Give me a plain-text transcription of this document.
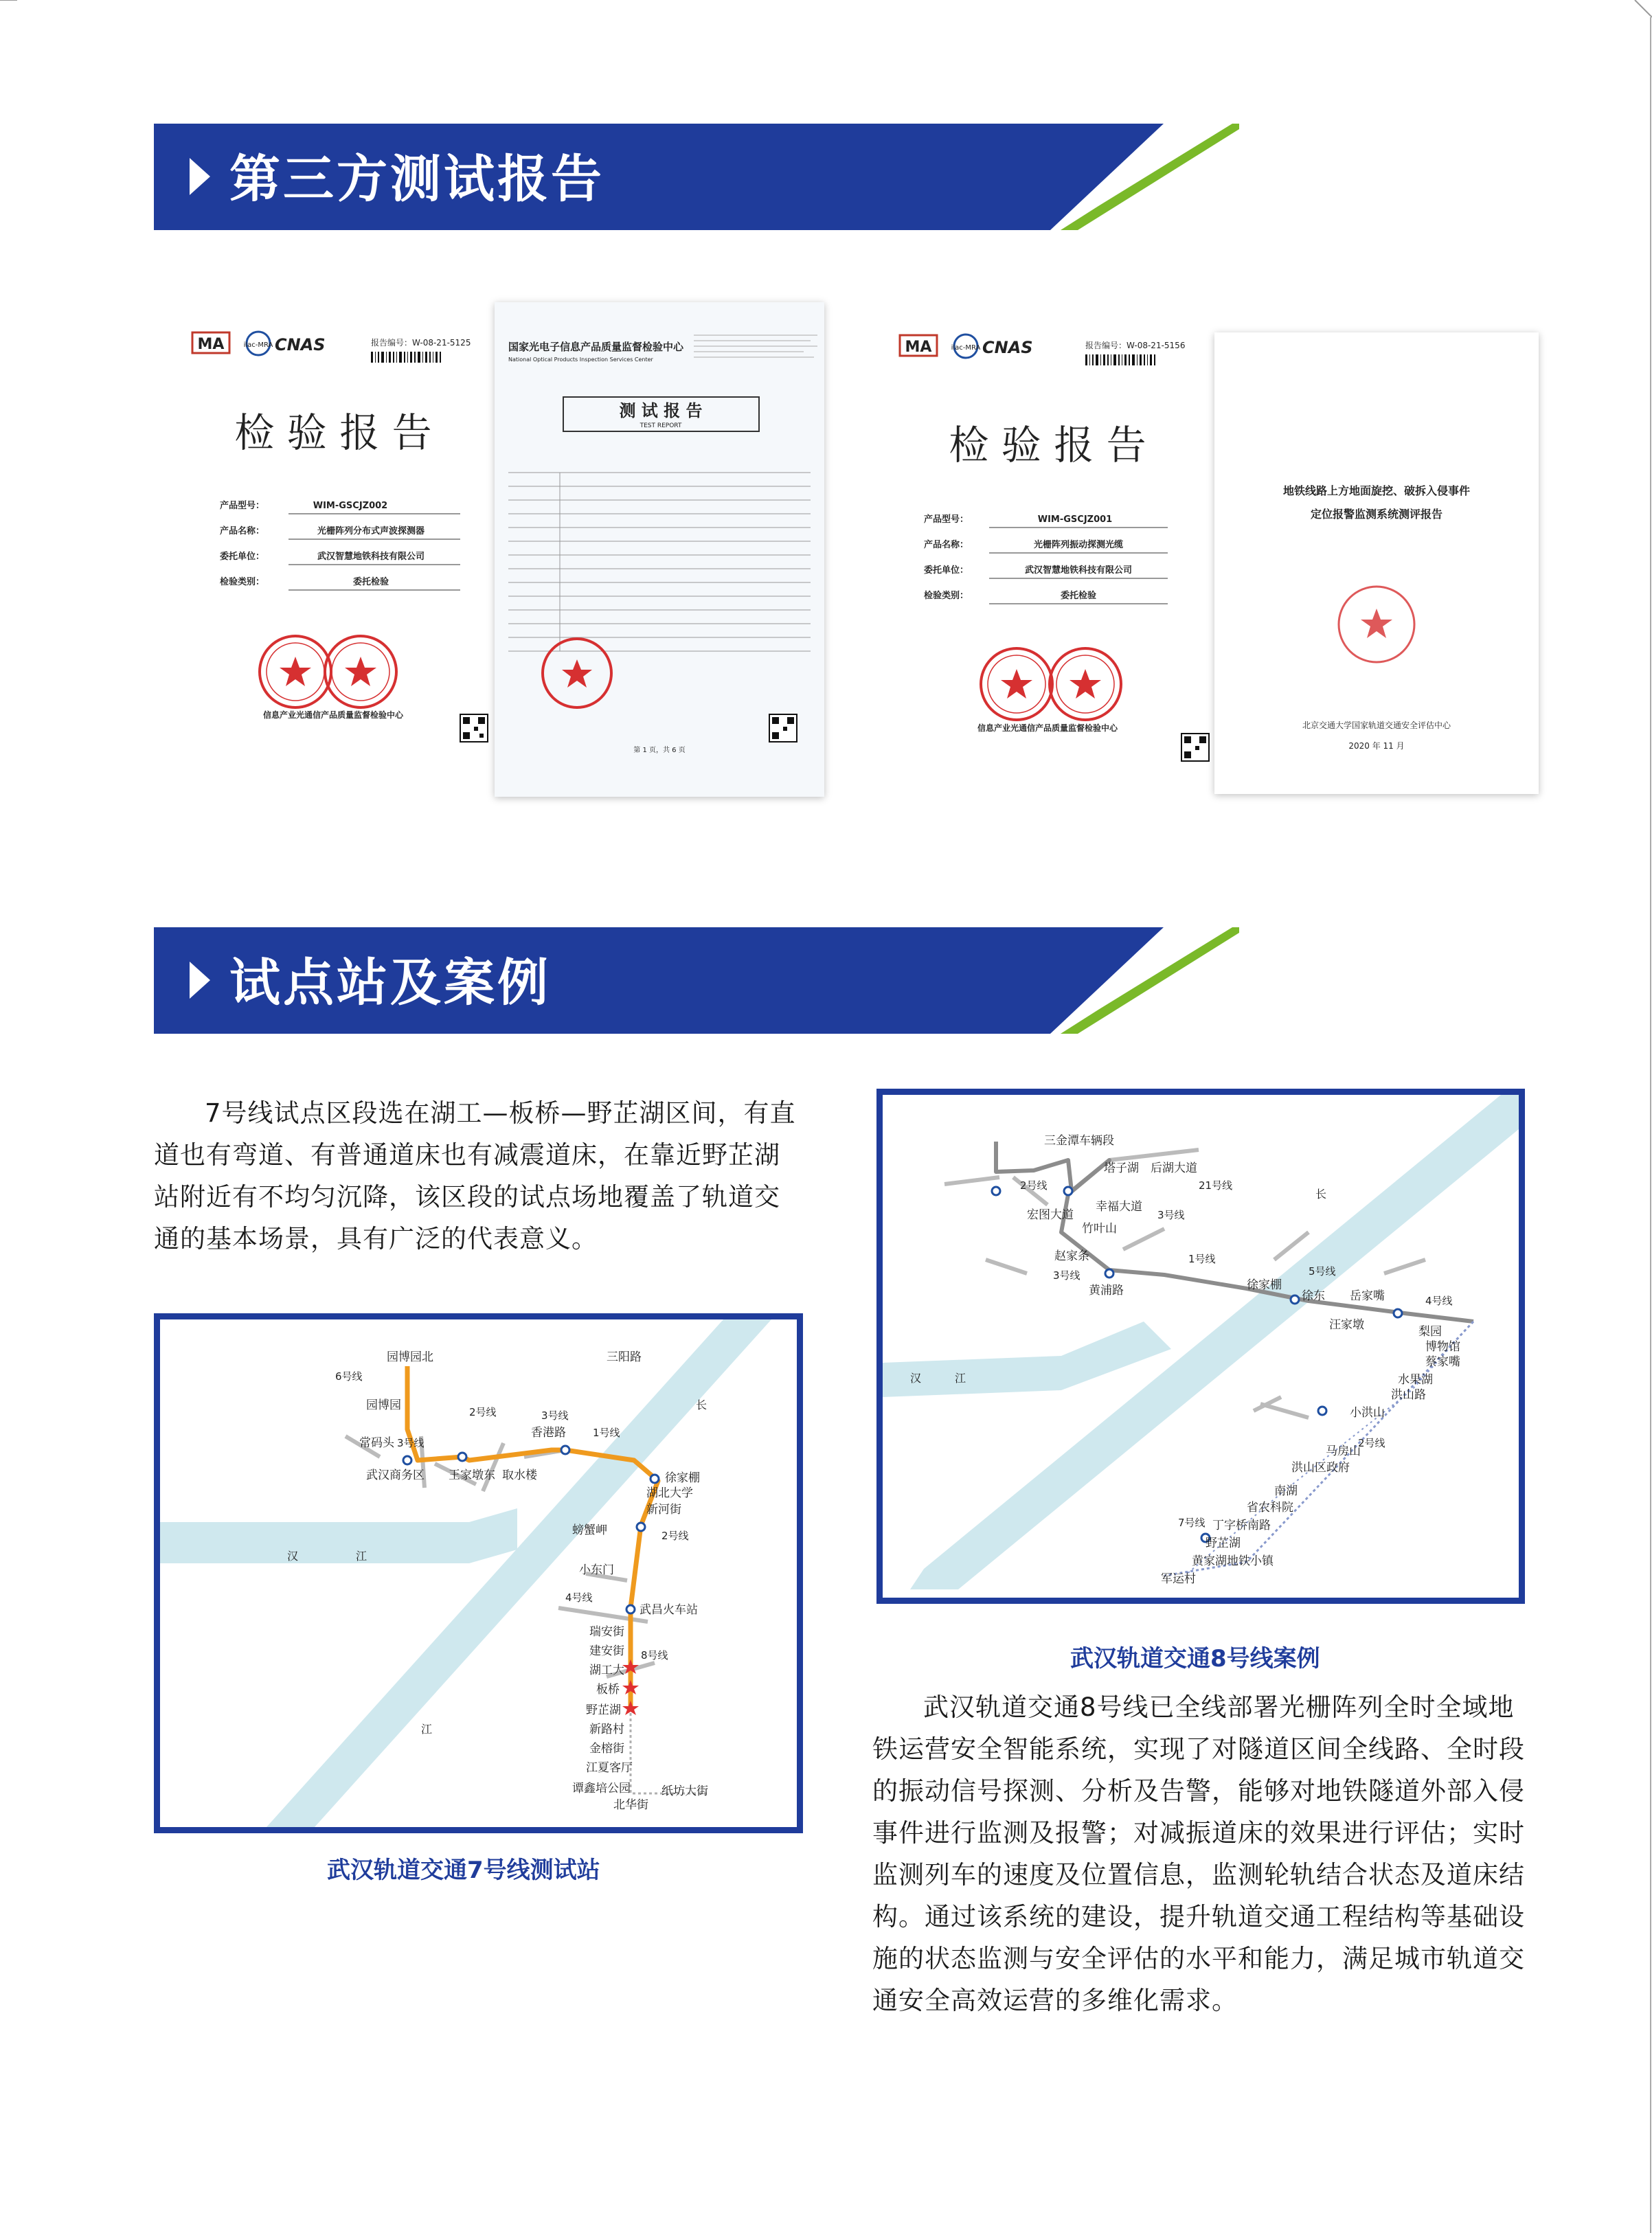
第三方测试报告
MA	ilac-MRA CNAS	报告编号：W-08-21-5125
检 验 报 告
产品型号：	WIM-GSCJZ002
产品名称：	光栅阵列分布式声波探测器
委托单位：	武汉智慧地铁科技有限公司
检验类别：	委托检验
信息产业光通信产品质量监督检验中心
国家光电子信息产品质量监督检验中心
National Optical Products Inspection Services Center
测 试 报 告
TEST REPORT
第 1 页，共 6 页
MA	ilac-MRA CNAS	报告编号：W-08-21-5156
检 验 报 告
产品型号：	WIM-GSCJZ001
产品名称：	光栅阵列振动探测光缆
委托单位：	武汉智慧地铁科技有限公司
检验类别：	委托检验
信息产业光通信产品质量监督检验中心
地铁线路上方地面旋挖、破拆入侵事件
定位报警监测系统测评报告
北京交通大学国家轨道交通安全评估中心
2020 年 11 月
试点站及案例

7号线试点区段选在湖工—板桥—野芷湖区间，有直道也有弯道、有普通道床也有减震道床，在靠近野芷湖站附近有不均匀沉降，该区段的试点场地覆盖了轨道交通的基本场景，具有广泛的代表意义。

汉	江
长
江
园博园北
园博园
常码头
武汉商务区 王家墩东 取水楼
香港路
三阳路
徐家棚
湖北大学
新河街
螃蟹岬
小东门
武昌火车站
瑞安街
建安街
湖工大
板桥
野芷湖
新路村
金榕街
江夏客厅
谭鑫培公园
北华街
纸坊大街
6号线
3号线
2号线	3号线
1号线
2号线
4号线
8号线
武汉轨道交通7号线测试站
长
汉	江
三金潭车辆段
塔子湖 后湖大道
幸福大道
宏图大道
竹叶山
赵家条
黄浦路	徐家棚
徐东 岳家嘴
汪家墩	梨园
博物馆
蔡家嘴
水果湖
洪山路
小洪山
马房山
洪山区政府
南湖
省农科院
丁字桥南路
野芷湖
黄家湖地铁小镇
军运村
2号线	21号线
3号线
1号线
3号线	5号线
4号线
2号线
7号线
武汉轨道交通8号线案例

武汉轨道交通8号线已全线部署光栅阵列全时全域地铁运营安全智能系统，实现了对隧道区间全线路、全时段的振动信号探测、分析及告警，能够对地铁隧道外部入侵事件进行监测及报警；对减振道床的效果进行评估；实时监测列车的速度及位置信息，监测轮轨结合状态及道床结构。通过该系统的建设，提升轨道交通工程结构等基础设施的状态监测与安全评估的水平和能力，满足城市轨道交通安全高效运营的多维化需求。
